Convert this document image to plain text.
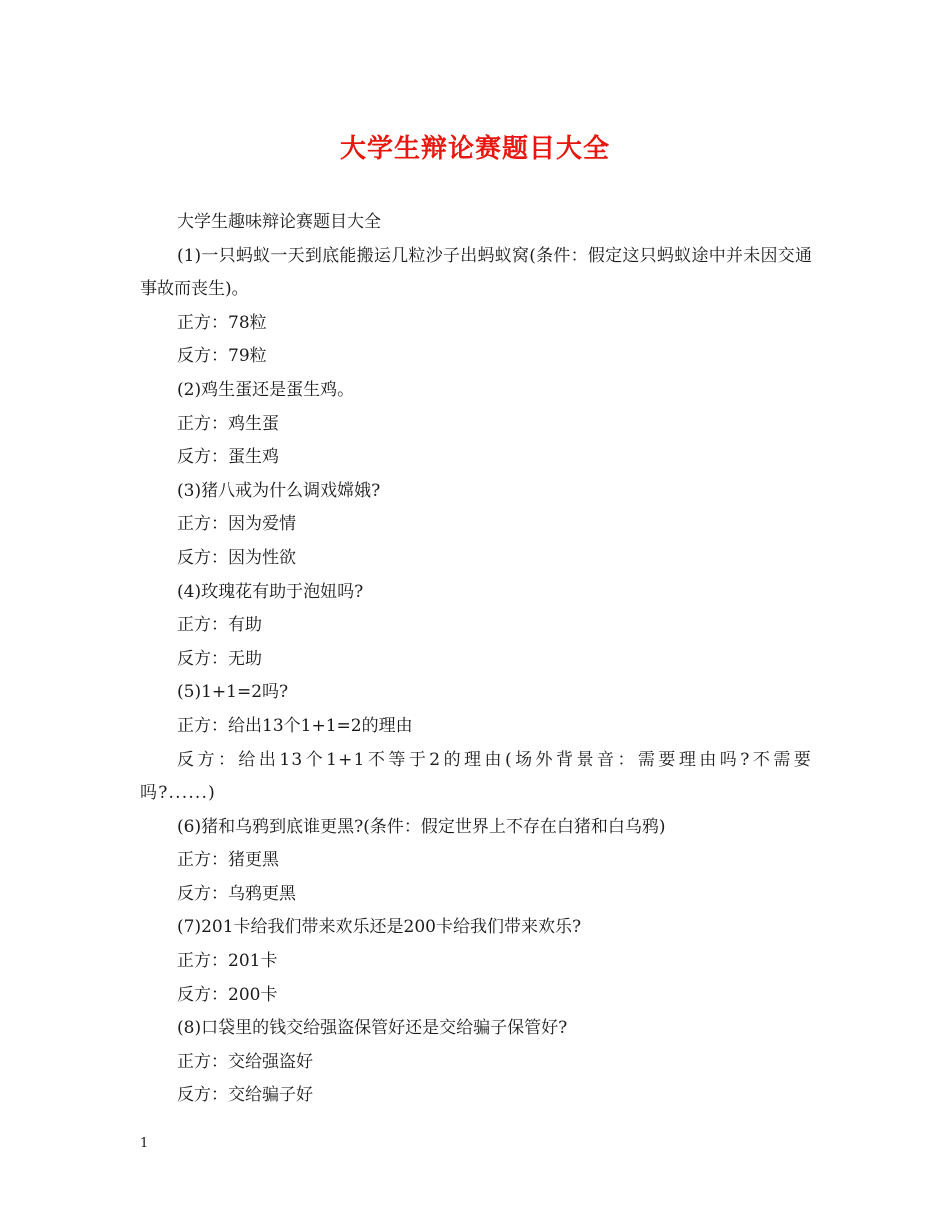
大学生辩论赛题目大全
大学生趣味辩论赛题目大全
(1)一只蚂蚁一天到底能搬运几粒沙子出蚂蚁窝(条件：假定这只蚂蚁途中并未因交通事故而丧生)。
正方：78粒
反方：79粒
(2)鸡生蛋还是蛋生鸡。
正方：鸡生蛋
反方：蛋生鸡
(3)猪八戒为什么调戏嫦娥?
正方：因为爱情
反方：因为性欲
(4)玫瑰花有助于泡妞吗?
正方：有助
反方：无助
(5)1+1=2吗?
正方：给出13个1+1=2的理由
反方：给出13个1+1不等于2的理由(场外背景音：需要理由吗?不需要吗?......)
(6)猪和乌鸦到底谁更黑?(条件：假定世界上不存在白猪和白乌鸦)
正方：猪更黑
反方：乌鸦更黑
(7)201卡给我们带来欢乐还是200卡给我们带来欢乐?
正方：201卡
反方：200卡
(8)口袋里的钱交给强盗保管好还是交给骗子保管好?
正方：交给强盗好
反方：交给骗子好
1
